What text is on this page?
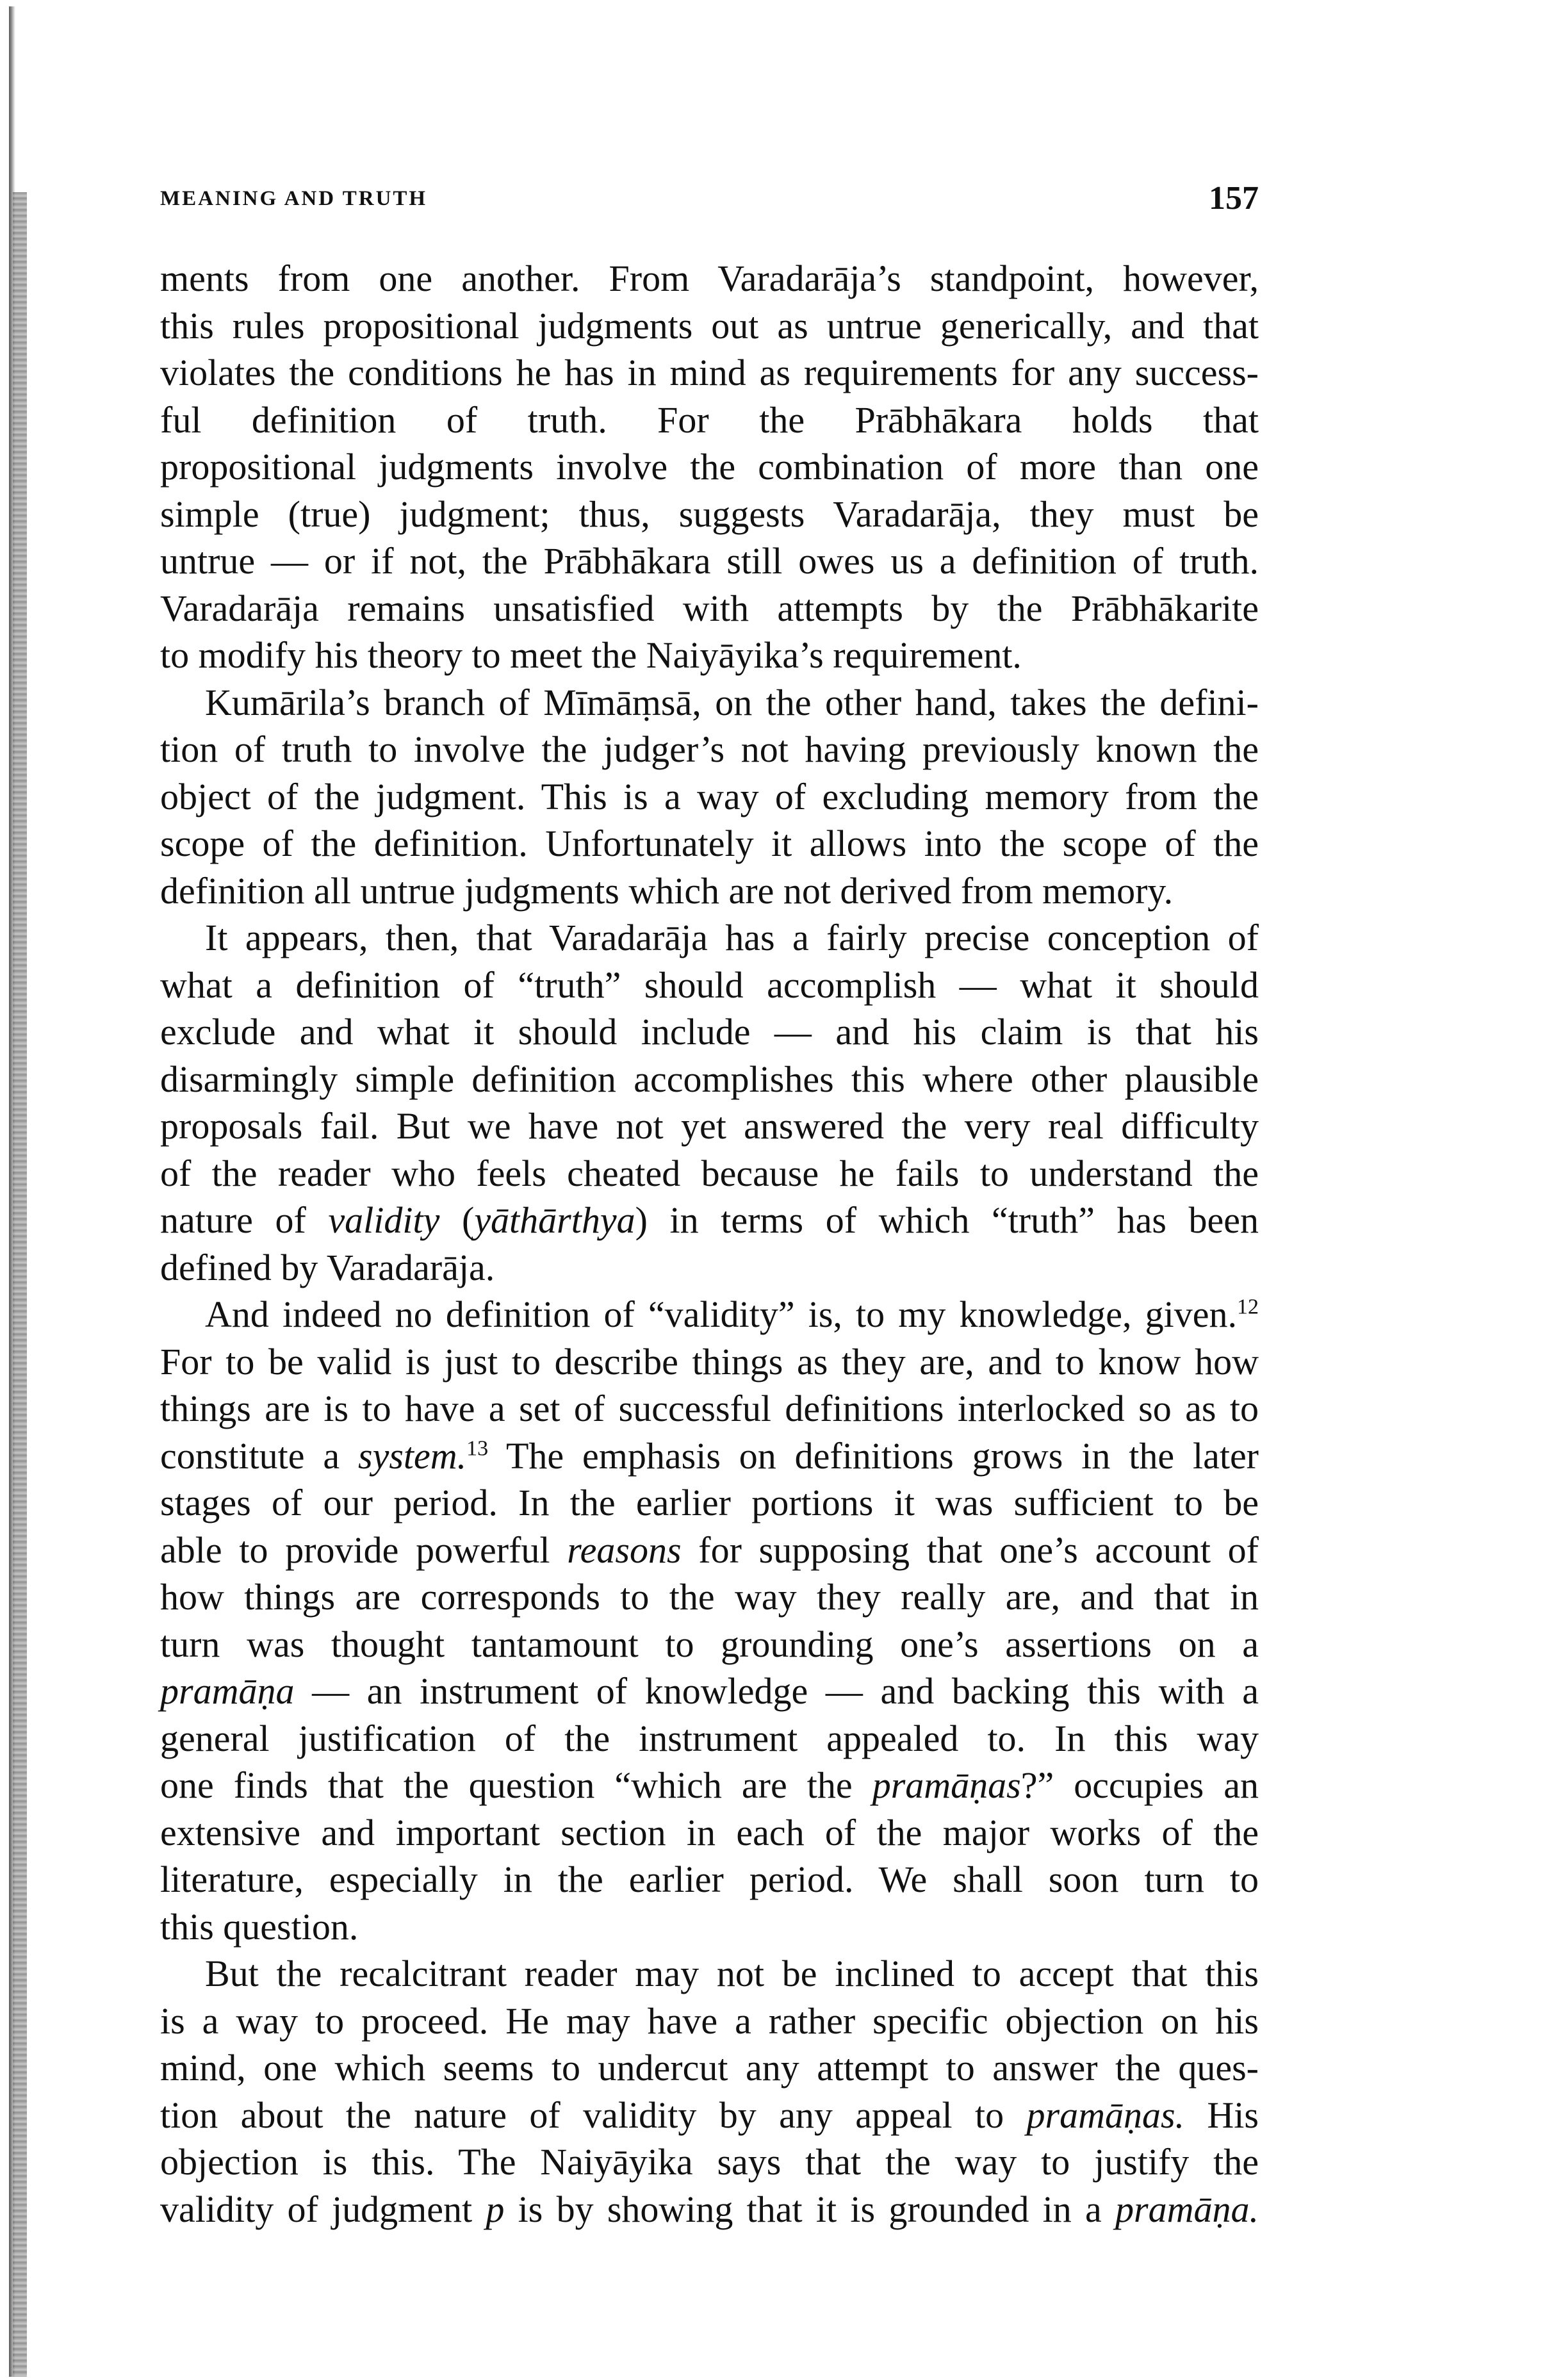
MEANING AND TRUTH	157
ments from one another. From Varadarāja’s standpoint, however,
this rules propositional judgments out as untrue generically, and that
violates the conditions he has in mind as requirements for any success-
ful definition of truth. For the Prābhākara holds that
propositional judgments involve the combination of more than one
simple (true) judgment; thus, suggests Varadarāja, they must be
untrue — or if not, the Prābhākara still owes us a definition of truth.
Varadarāja remains unsatisfied with attempts by the Prābhākarite
to modify his theory to meet the Naiyāyika’s requirement.
Kumārila’s branch of Mīmāṃsā, on the other hand, takes the defini-
tion of truth to involve the judger’s not having previously known the
object of the judgment. This is a way of excluding memory from the
scope of the definition. Unfortunately it allows into the scope of the
definition all untrue judgments which are not derived from memory.
It appears, then, that Varadarāja has a fairly precise conception of
what a definition of “truth” should accomplish — what it should
exclude and what it should include — and his claim is that his
disarmingly simple definition accomplishes this where other plausible
proposals fail. But we have not yet answered the very real difficulty
of the reader who feels cheated because he fails to understand the
nature of validity (yāthārthya) in terms of which “truth” has been
defined by Varadarāja.
And indeed no definition of “validity” is, to my knowledge, given.$^{12}$
For to be valid is just to describe things as they are, and to know how
things are is to have a set of successful definitions interlocked so as to
constitute a system.$^{13}$ The emphasis on definitions grows in the later
stages of our period. In the earlier portions it was sufficient to be
able to provide powerful reasons for supposing that one’s account of
how things are corresponds to the way they really are, and that in
turn was thought tantamount to grounding one’s assertions on a
pramāṇa — an instrument of knowledge — and backing this with a
general justification of the instrument appealed to. In this way
one finds that the question “which are the pramāṇas?” occupies an
extensive and important section in each of the major works of the
literature, especially in the earlier period. We shall soon turn to
this question.
But the recalcitrant reader may not be inclined to accept that this
is a way to proceed. He may have a rather specific objection on his
mind, one which seems to undercut any attempt to answer the ques-
tion about the nature of validity by any appeal to pramāṇas. His
objection is this. The Naiyāyika says that the way to justify the
validity of judgment p is by showing that it is grounded in a pramāṇa.
